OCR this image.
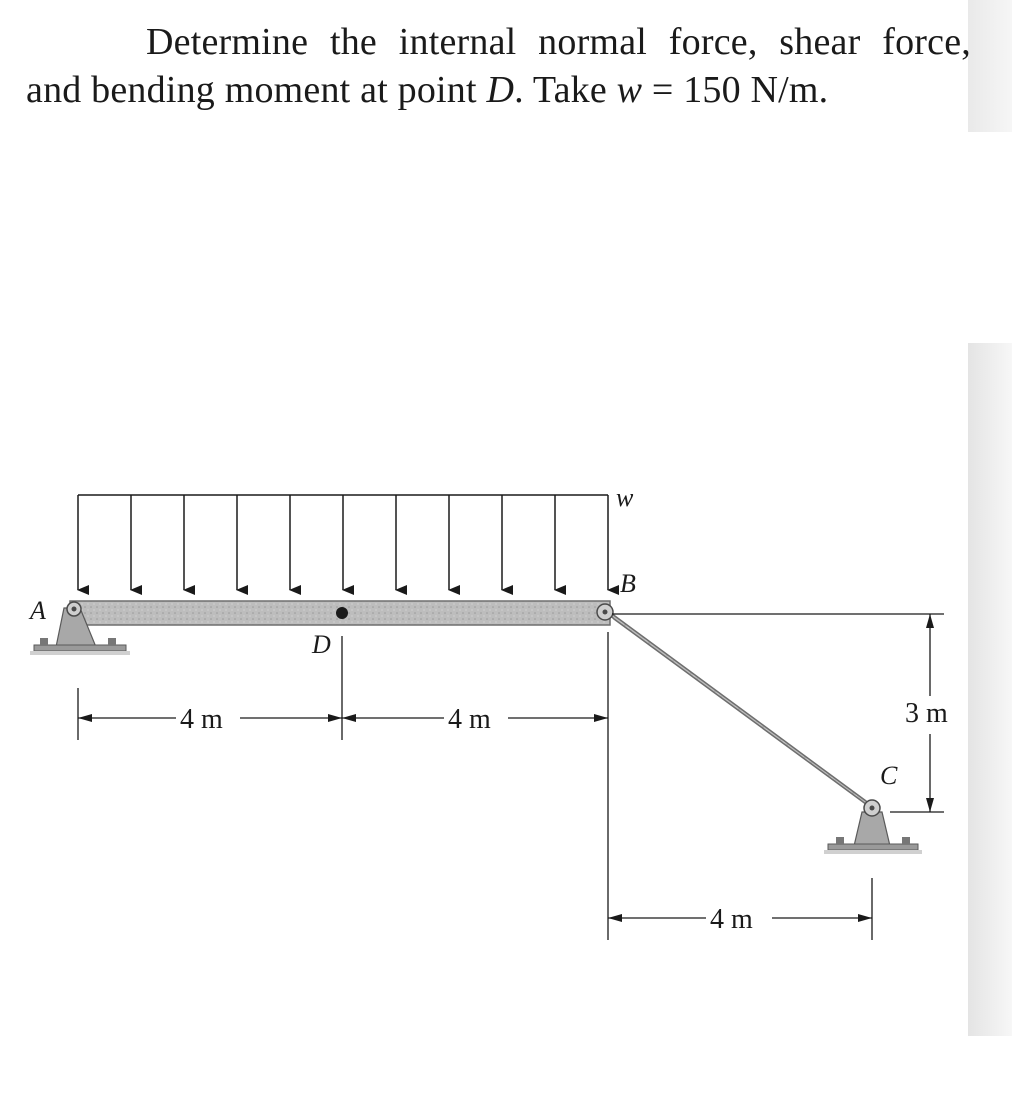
Determine the internal normal force, shear force,
and bending moment at point D. Take w = 150 N/m.
A
B
C
D
w
4 m	4 m
4 m
3 m
